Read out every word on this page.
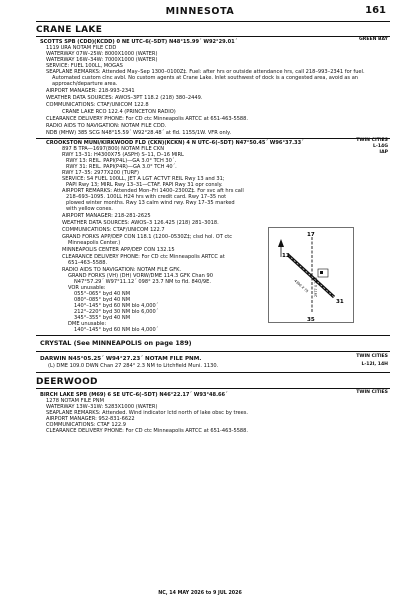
MINNESOTA	161
CRANE LAKE
GREEN BAY
SCOTTS SPB (CDD)(KCDD) 0 NE UTC–6(–5DT) N48°15.99´ W92°29.01´
1119 URA NOTAM FILE CDD
WATERWAY 07W–25W: 8000X1000 (WATER)
WATERWAY 16W–34W: 7000X1000 (WATER)
SERVICE: FUEL 100LL, MOGAS
SEAPLANE REMARKS: Attended May–Sep 1300–0100Z‡. Fuel: after hrs or outside attendance hrs, call 218–993–2341 for fuel.
Automated custom clnc avbl. No custom agents at Crane Lake. Inlet southwest of dock is a congested area, avoid as an
approach/departure area.
AIRPORT MANAGER: 218-993-2341
WEATHER DATA SOURCES: AWOS–3PT 118.2 (218) 380–2449.
COMMUNICATIONS: CTAF/UNICOM 122.8
CRANE LAKE RCO 122.4 (PRINCETON RADIO)
CLEARANCE DELIVERY PHONE: For CD ctc Minneapolis ARTCC at 651-463-5588.
RADIO AIDS TO NAVIGATION: NOTAM FILE CDD.
NDB (MHW) 385 SCG N48°15.59´ W92°28.48´ at fld. 1155/1W. VFR only.
TWIN CITIES
L-14G
IAP
CROOKSTON MUNI/KIRKWOOD FLD (CKN)(KCKN) 4 N UTC–6(–5DT) N47°50.45´ W96°37.33´
897 B TPA—1697(800) NOTAM FILE CKN
RWY 13–31: H4300X75 (ASPH) S–11, D–16 MIRL
RWY 13: REIL. PAPI(P4L)—GA 3.0° TCH 30´.
RWY 31: REIL. PAPI(P4R)—GA 3.0° TCH 40´.
RWY 17–35: 2977X200 (TURF)
SERVICE: S4 FUEL 100LL, JET A LGT ACTVT REIL Rwy 13 and 31;
PAPI Rwy 13; MIRL Rwy 13–31—CTAF. PAPI Rwy 31 opr consly.
AIRPORT REMARKS: Attended Mon–Fri 1400–2300Z‡. For svc aft hrs call
218–693–1095. 100LL H24 hrs with credit card. Rwy 17–35 not
plowed winter months. Rwy 13 calm wind rwy. Rwy 17–35 marked
with yellow cones.
AIRPORT MANAGER: 218-281-2625
WEATHER DATA SOURCES: AWOS–3 126.425 (218) 281–3018.
COMMUNICATIONS: CTAF/UNICOM 122.7
GRAND FORKS APP/DEP CON 118.1 (1200–0530Z‡; clsd hol. OT ctc
Minneapolis Center.)
MINNEAPOLIS CENTER APP/DEP CON 132.15
CLEARANCE DELIVERY PHONE: For CD ctc Minneapolis ARTCC at
651–463–5588.
RADIO AIDS TO NAVIGATION: NOTAM FILE GFK.
GRAND FORKS (VH) (DH) VORW/DME 114.3 GFK Chan 90
N47°57.29´ W97°11.12´ 098° 23.7 NM to fld. 840/9E.
VOR unusable:
055°–065° byd 40 NM
080°–085° byd 40 NM
140°–145° byd 60 NM blo 4,000´
212°–220° byd 30 NM blo 6,000´
345°–355° byd 40 NM
DME unusable:
140°–145° byd 60 NM blo 4,000´
13
31
17
35
4300 X 75 2977 X 200
CRYSTAL (See MINNEAPOLIS on page 189)
TWIN CITIES
DARWIN N45°05.25´ W94°27.23´ NOTAM FILE PNM.
(L) DME 109.0 DWN Chan 27 284° 2.3 NM to Litchfield Muni. 1130.	L-12I, 14H
DEERWOOD
TWIN CITIES
BIRCH LAKE SPB (M69) 6 SE UTC–6(–5DT) N46°22.17´ W93°48.66´
1278 NOTAM FILE PNM
WATERWAY 13W–31W: 5283X1000 (WATER)
SEAPLANE REMARKS: Attended. Wind indicator lctd north of lake obsc by trees.
AIRPORT MANAGER: 952-831-6622
COMMUNICATIONS: CTAF 122.9
CLEARANCE DELIVERY PHONE: For CD ctc Minneapolis ARTCC at 651-463-5588.
NC, 14 MAY 2026 to 9 JUL 2026
